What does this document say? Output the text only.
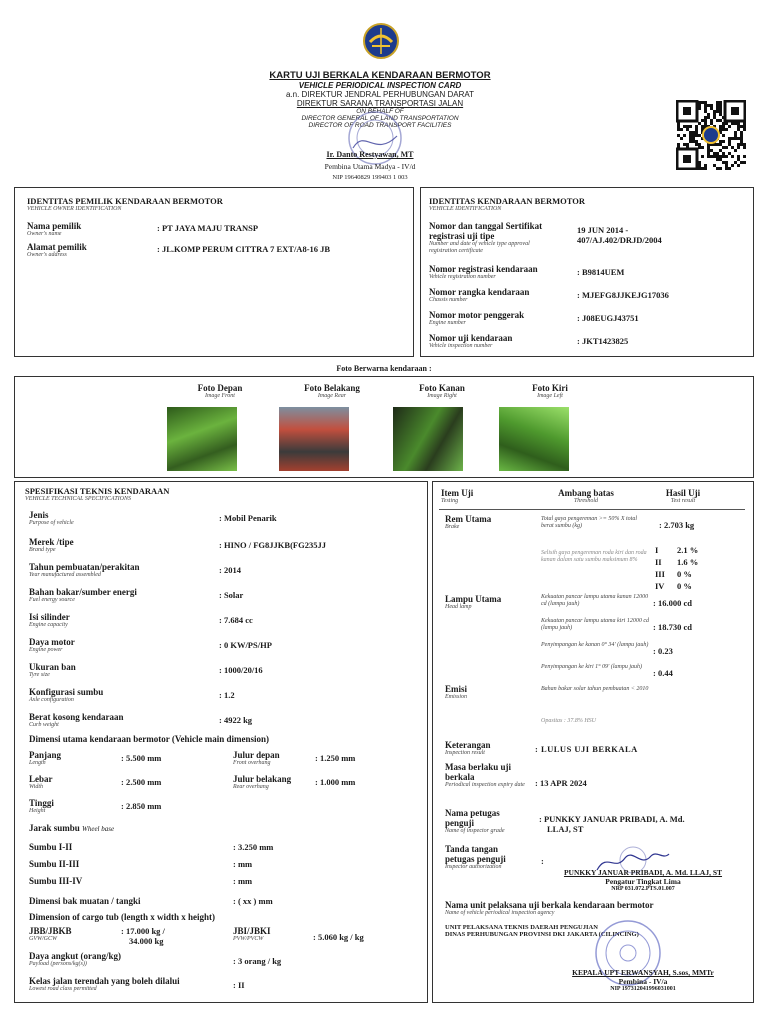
KARTU UJI BERKALA KENDARAAN BERMOTOR
VEHICLE PERIODICAL INSPECTION CARD
a.n. DIREKTUR JENDRAL PERHUBUNGAN DARAT
DIREKTUR SARANA TRANSPORTASI JALAN
ON BEHALF OF
DIRECTOR GENERAL OF LAND TRANSPORTATION
DIRECTOR OF ROAD TRANSPORT FACILITIES
Ir. Danto Restyawan, MT
Pembina Utama Madya - IV/d
NIP 19640829 199403 1 003
IDENTITAS PEMILIK KENDARAAN BERMOTOR
VEHICLE OWNER IDENTIFICATION
Nama pemilik
Owner's name
: PT JAYA MAJU TRANSP
Alamat pemilik
Owner's address
: JL.KOMP PERUM CITTRA 7 EXT/A8-16 JB
IDENTITAS KENDARAAN BERMOTOR
VEHICLE IDENTIFICATION
Nomor dan tanggal Sertifikat
registrasi uji tipe
Number and date of vehicle type approval registration certificate
19 JUN 2014 -
407/AJ.402/DRJD/2004
Nomor registrasi kendaraan
Vehicle registration number	: B9814UEM
Nomor rangka kendaraan
Chassis number	: MJEFG8JJKEJG17036
Nomor motor penggerak
Engine number	: J08EUGJ43751
Nomor uji kendaraan
Vehicle inspection number	: JKT1423825
Foto Berwarna kendaraan :
Foto Depan
Image Front
Foto Belakang
Image Rear
Foto Kanan
Image Right
Foto Kiri
Image Left
SPESIFIKASI TEKNIS KENDARAAN
VEHICLE TECHNICAL SPECIFICATIONS
Jenis
Purpose of vehicle	: Mobil Penarik
Merek /tipe
Brand type	: HINO / FG8JJKB(FG235JJ
Tahun pembuatan/perakitan
Year manufactured assembled	: 2014
Bahan bakar/sumber energi
Fuel energy source	: Solar
Isi silinder
Engine capacity	: 7.684 cc
Daya motor
Engine power	: 0 KW/PS/HP
Ukuran ban
Tyre size	: 1000/20/16
Konfigurasi sumbu
Axle configuration	: 1.2
Berat kosong kendaraan
Curb weight	: 4922 kg
Dimensi utama kendaraan bermotor (Vehicle main dimension)
Panjang
Length	: 5.500 mm
Lebar
Width	: 2.500 mm
Tinggi
Height	: 2.850 mm
Julur depan
Front overhang	: 1.250 mm
Julur belakang
Rear overhang	: 1.000 mm
Jarak sumbu Wheel base
Sumbu I-II	: 3.250 mm
Sumbu II-III	: mm
Sumbu III-IV	: mm
Dimensi bak muatan / tangki	: ( xx ) mm
Dimension of cargo tub (length x width x height)
JBB/JBKB
GVW/GCW
: 17.000 kg /
34.000 kg
JBI/JBKI
PVW/PVCW	: 5.060 kg / kg
Daya angkut (orang/kg)
Payload (persons/kg(s))	: 3 orang / kg
Kelas jalan terendah yang boleh dilalui
Lowest road class permitted	: II
Item Uji
Testing
Ambang batas
Threshold
Hasil Uji
Test result
Rem Utama
Brake
Total gaya pengereman >= 50% X total berat sumbu (kg)	: 2.703 kg
Selisih gaya pengereman roda kiri dan roda kanan dalam satu sumbu maksimum 8%
I 2.1 %
II 1.6 %
III 0 %
IV 0 %
Lampu Utama
Head lamp
Kekuatan pancar lampu utama kanan 12000 cd (lampu jauh)	: 16.000 cd
Kekuatan pancar lampu utama kiri 12000 cd (lampu jauh)	: 18.730 cd
Penyimpangan ke kanan 0° 34' (lampu jauh)
: 0.23
Penyimpangan ke kiri 1° 09' (lampu jauh)
: 0.44
Emisi
Emission
Bahan bakar solar tahun pembuatan < 2010
Opasitas : 37.8% HSU
Keterangan
Inspection result	: LULUS UJI BERKALA
Masa berlaku uji
berkala
Periodical inspection expiry date	: 13 APR 2024
Nama petugas
penguji
Name of inspector grade
: PUNKKY JANUAR PRIBADI, A. Md.
LLAJ, ST
Tanda tangan
petugas penguji
Inspector authorization
:
PUNKKY JANUAR PRIBADI, A. Md. LLAJ, ST
Pengatur Tingkat Lima
NRP 031.072.PTS.01.007
Nama unit pelaksana uji berkala kendaraan bermotor
Name of vehicle periodical inspection agency
UNIT PELAKSANA TEKNIS DAERAH PENGUJIAN
DINAS PERHUBUNGAN PROVINSI DKI JAKARTA (CILINCING)
KEPALA UPT ERWANSYAH, S.sos, MMTr
Pembina - IV/a
NIP 197312041996031001
